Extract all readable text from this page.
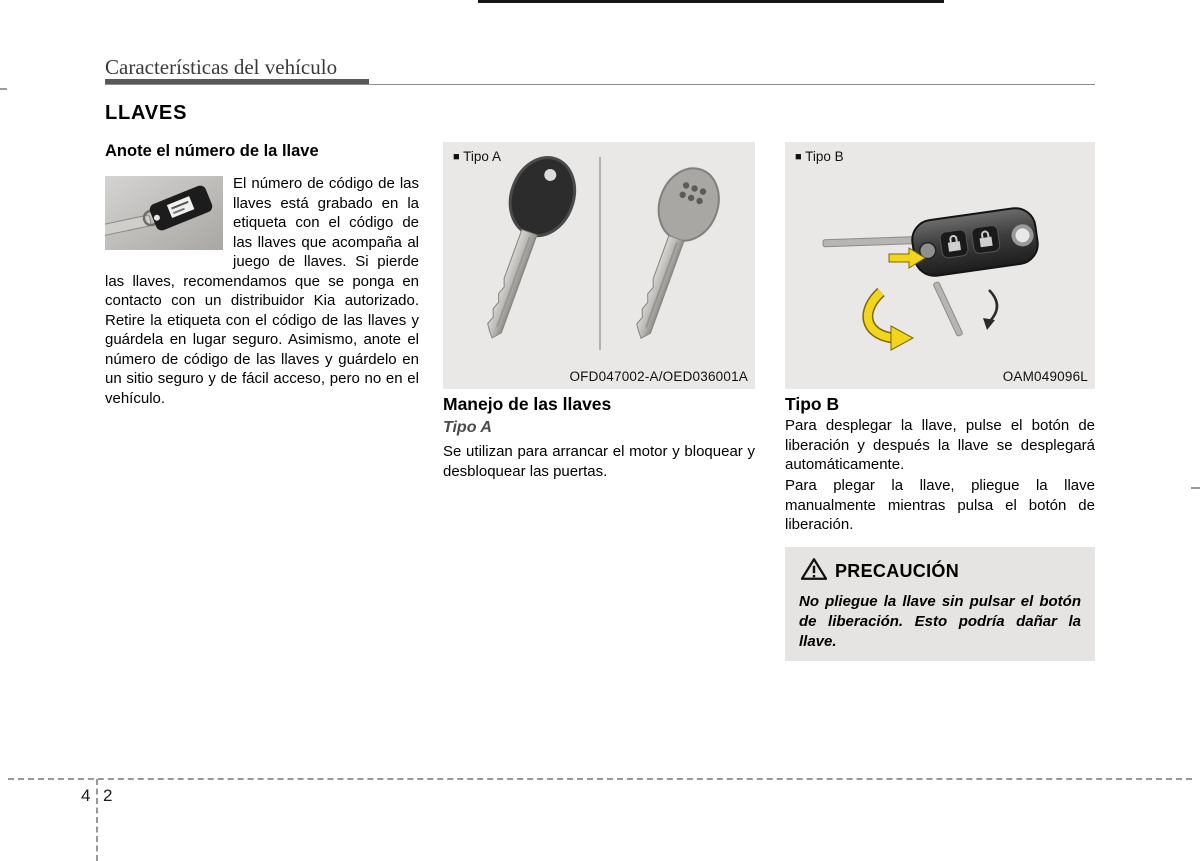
Características del vehículo
LLAVES
Anote el número de la llave
El número de código de las llaves está grabado en la etiqueta con el código de las llaves que acompaña al juego de llaves. Si pierde las llaves, recomendamos que se ponga en contacto con un distribuidor Kia autorizado. Retire la etiqueta con el código de las llaves y guárdela en lugar seguro. Asimismo, anote el número de código de las llaves y guárdelo en un sitio seguro y de fácil acceso, pero no en el vehículo.
■ Tipo A
OFD047002-A/OED036001A
■ Tipo B
OAM049096L
Manejo de las llaves
Tipo A
Se utilizan para arrancar el motor y bloquear y desbloquear las puertas.
Tipo B
Para desplegar la llave, pulse el botón de liberación y después la llave se desplegará automáticamente.
Para plegar la llave, pliegue la llave manualmente mientras pulsa el botón de liberación.
PRECAUCIÓN
No pliegue la llave sin pulsar el botón de liberación. Esto podría dañar la llave.
4 2
